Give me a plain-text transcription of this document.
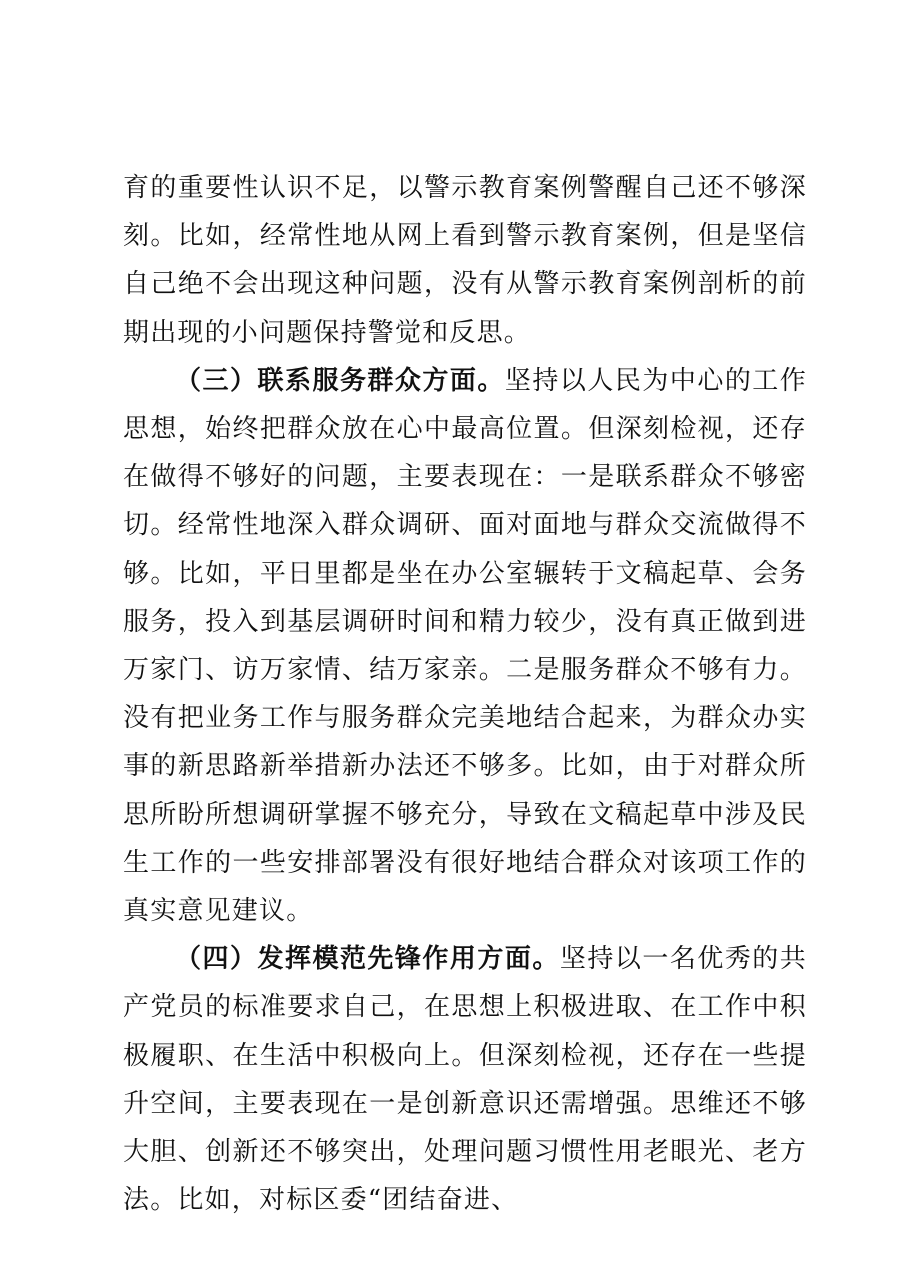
育的重要性认识不足，以警示教育案例警醒自己还不够深刻。比如，经常性地从网上看到警示教育案例，但是坚信自己绝不会出现这种问题，没有从警示教育案例剖析的前期出现的小问题保持警觉和反思。

（三）联系服务群众方面。坚持以人民为中心的工作思想，始终把群众放在心中最高位置。但深刻检视，还存在做得不够好的问题，主要表现在：一是联系群众不够密切。经常性地深入群众调研、面对面地与群众交流做得不够。比如，平日里都是坐在办公室辗转于文稿起草、会务服务，投入到基层调研时间和精力较少，没有真正做到进万家门、访万家情、结万家亲。二是服务群众不够有力。没有把业务工作与服务群众完美地结合起来，为群众办实事的新思路新举措新办法还不够多。比如，由于对群众所思所盼所想调研掌握不够充分，导致在文稿起草中涉及民生工作的一些安排部署没有很好地结合群众对该项工作的真实意见建议。

（四）发挥模范先锋作用方面。坚持以一名优秀的共产党员的标准要求自己，在思想上积极进取、在工作中积极履职、在生活中积极向上。但深刻检视，还存在一些提升空间，主要表现在一是创新意识还需增强。思维还不够大胆、创新还不够突出，处理问题习惯性用老眼光、老方法。比如，对标区委“团结奋进、
